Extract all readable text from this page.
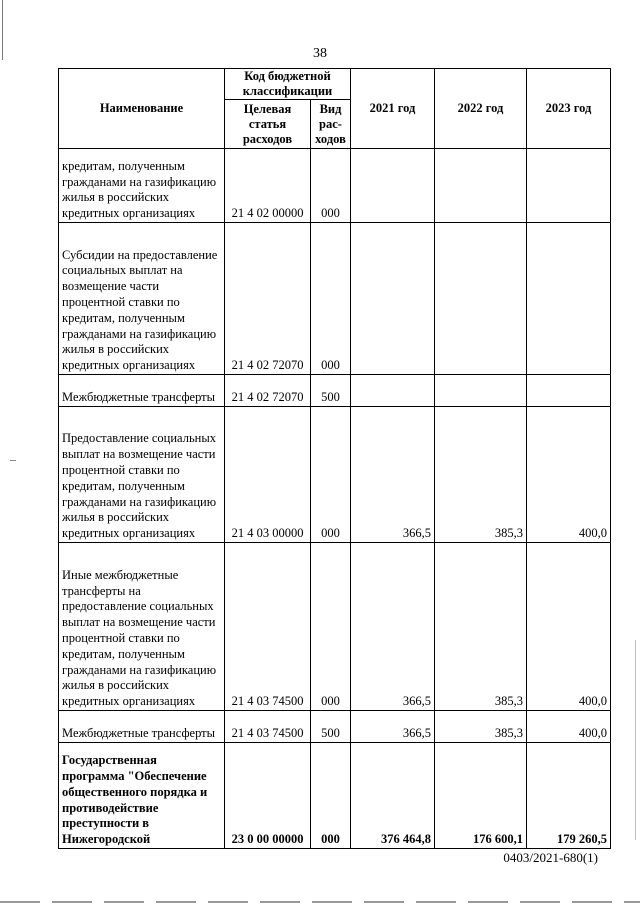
38
Наименование	Код бюджетной классификации		2021 год	2022 год	2023 год
	Целевая статья расходов	Вид рас- ходов			
кредитам, полученным гражданами на газификацию жилья в российских кредитных организациях	21 4 02 00000	000			
Субсидии на предоставление социальных выплат на возмещение части процентной ставки по кредитам, полученным гражданами на газификацию жилья в российских кредитных организациях	21 4 02 72070	000			
Межбюджетные трансферты	21 4 02 72070	500			
Предоставление социальных выплат на возмещение части процентной ставки по кредитам, полученным гражданами на газификацию жилья в российских кредитных организациях	21 4 03 00000	000	366,5	385,3	400,0
Иные межбюджетные трансферты на предоставление социальных выплат на возмещение части процентной ставки по кредитам, полученным гражданами на газификацию жилья в российских кредитных организациях	21 4 03 74500	000	366,5	385,3	400,0
Межбюджетные трансферты	21 4 03 74500	500	366,5	385,3	400,0
Государственная программа "Обеспечение общественного порядка и противодействие преступности в Нижегородской	23 0 00 00000	000	376 464,8	176 600,1	179 260,5
0403/2021-680(1)
